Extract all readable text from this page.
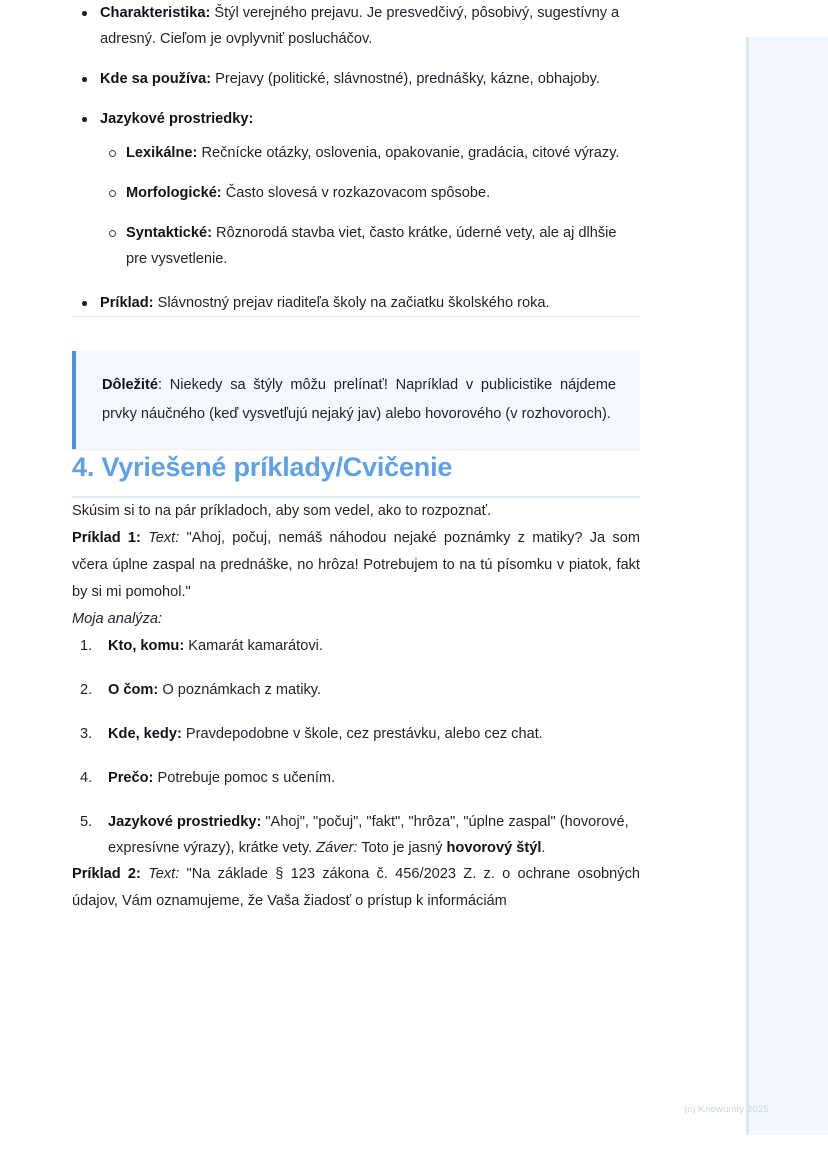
Charakteristika: Štýl verejného prejavu. Je presvedčivý, pôsobivý, sugestívny a adresný. Cieľom je ovplyvniť poslucháčov.
Kde sa používa: Prejavy (politické, slávnostné), prednášky, kázne, obhajoby.
Jazykové prostriedky:
Lexikálne: Rečnícke otázky, oslovenia, opakovanie, gradácia, citové výrazy.
Morfologické: Často slovesá v rozkazovacom spôsobe.
Syntaktické: Rôznorodá stavba viet, často krátke, úderné vety, ale aj dlhšie pre vysvetlenie.
Príklad: Slávnostný prejav riaditeľa školy na začiatku školského roka.
Dôležité: Niekedy sa štýly môžu prelínať! Napríklad v publicistike nájdeme prvky náučného (keď vysvetľujú nejaký jav) alebo hovorového (v rozhovoroch).
4. Vyriešené príklady/Cvičenie

Skúsim si to na pár príkladoch, aby som vedel, ako to rozpoznať.

Príklad 1: Text: "Ahoj, počuj, nemáš náhodou nejaké poznámky z matiky? Ja som včera úplne zaspal na prednáške, no hrôza! Potrebujem to na tú písomku v piatok, fakt by si mi pomohol."

Moja analýza:

Kto, komu: Kamarát kamarátovi.
O čom: O poznámkach z matiky.
Kde, kedy: Pravdepodobne v škole, cez prestávku, alebo cez chat.
Prečo: Potrebuje pomoc s učením.
Jazykové prostriedky: "Ahoj", "počuj", "fakt", "hrôza", "úplne zaspal" (hovorové, expresívne výrazy), krátke vety. Záver: Toto je jasný hovorový štýl.

Príklad 2: Text: "Na základe § 123 zákona č. 456/2023 Z. z. o ochrane osobných údajov, Vám oznamujeme, že Vaša žiadosť o prístup k informáciám

(c) Knowunity 2025
